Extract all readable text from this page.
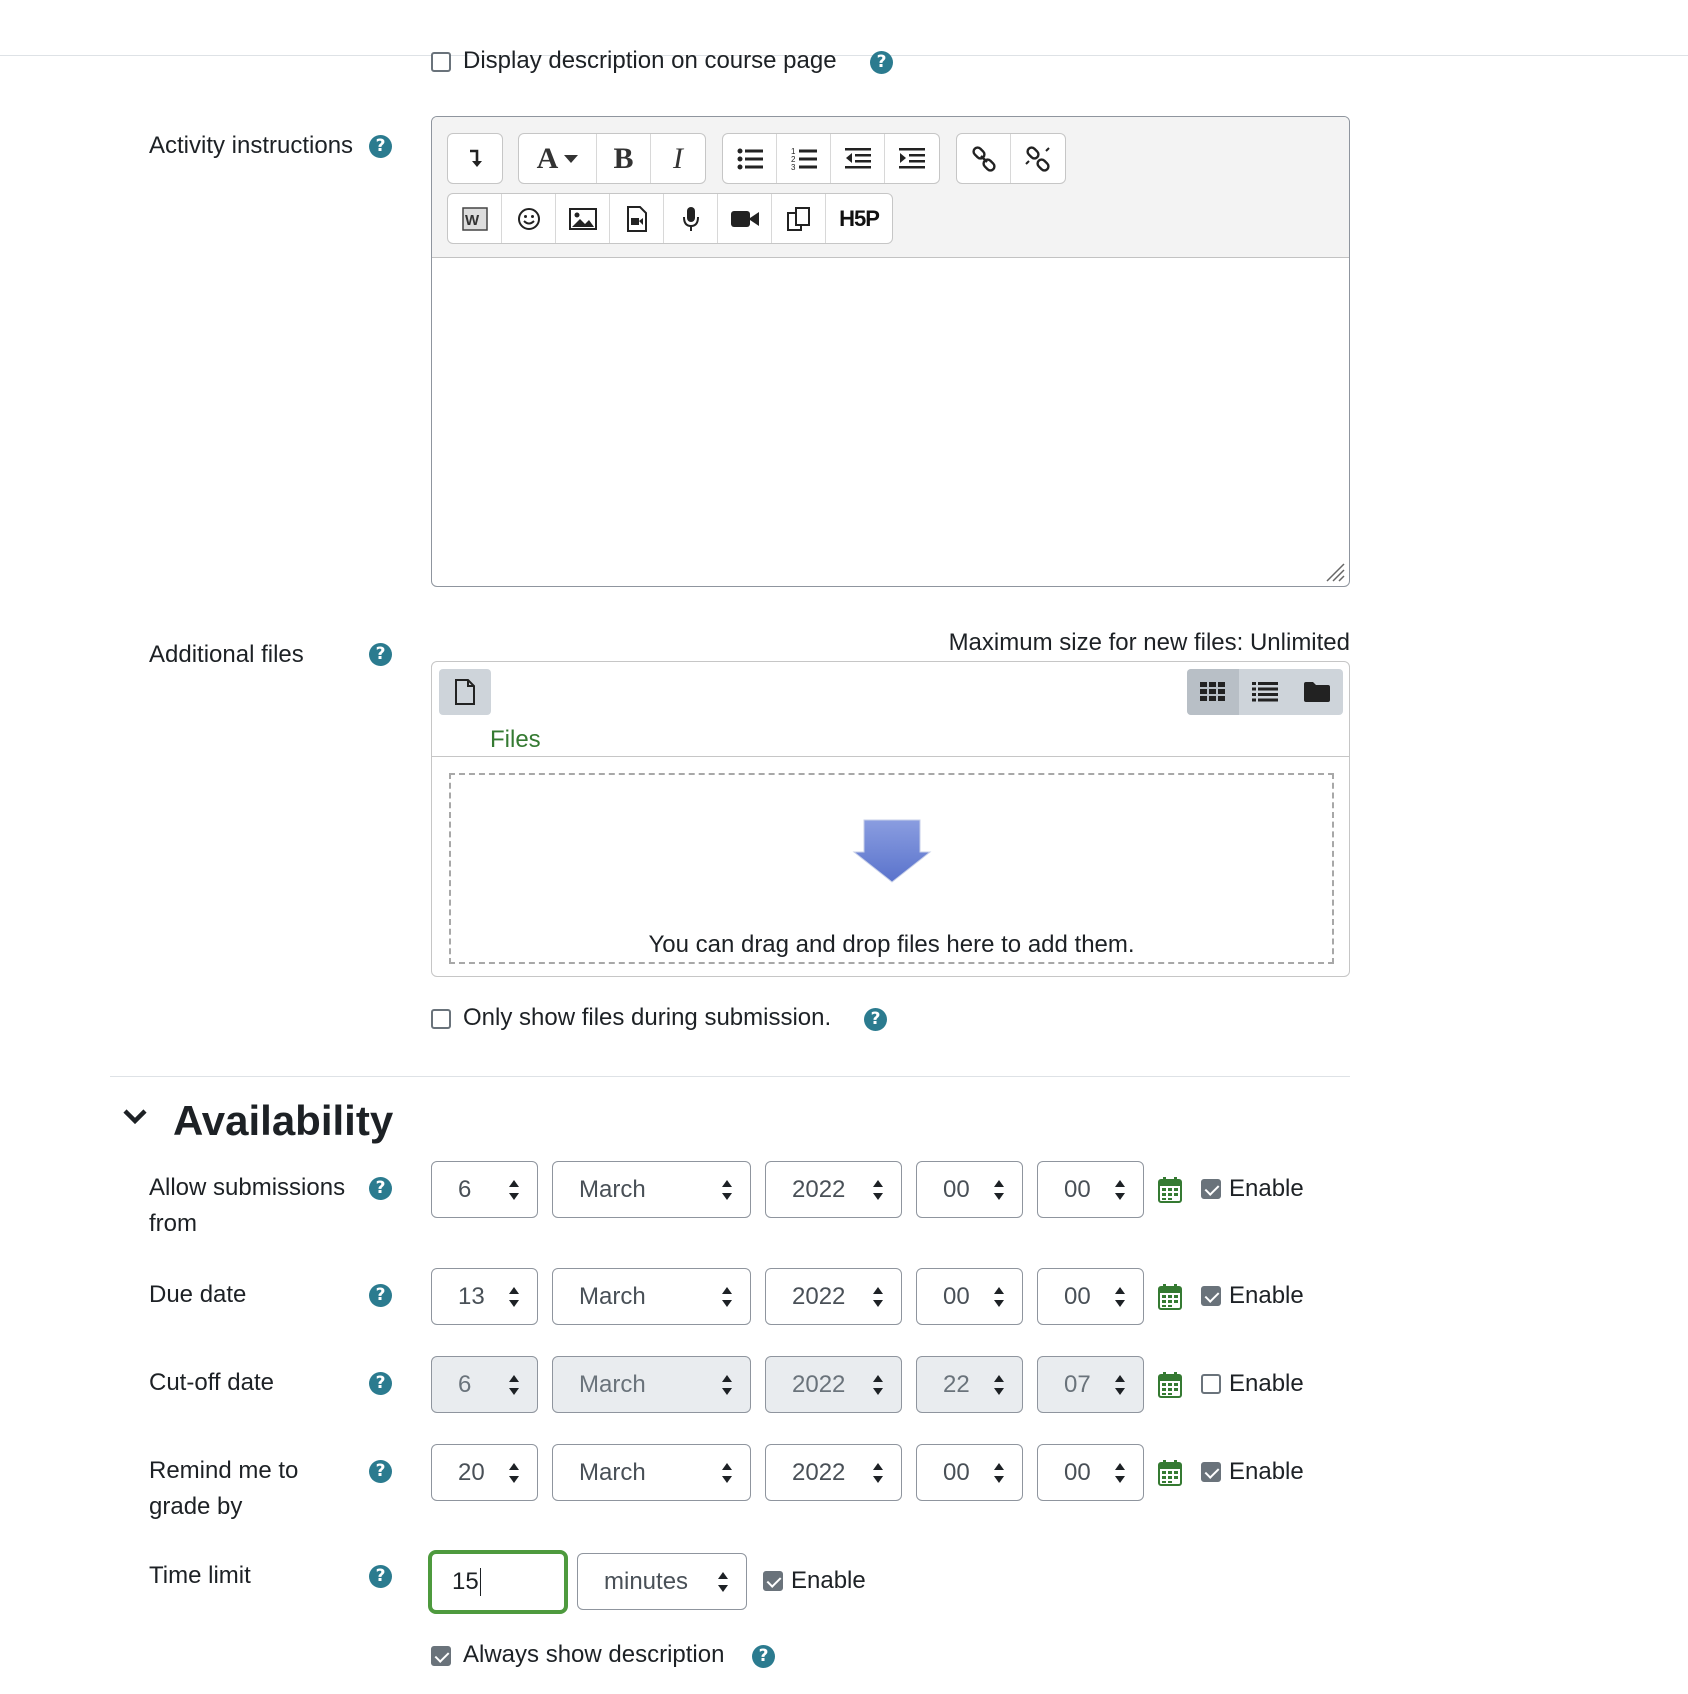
Display description on course page	?
Activity instructions	?	A B I	1
2
3
W	H5P
Additional files	?	Maximum size for new files: Unlimited
Files
You can drag and drop files here to add them.
Only show files during submission.	?
Availability
Allow submissions from
?	6	March	2022	00	00	Enable
Due date	?	13	March	2022	00	00	Enable
Cut-off date	?	6	March	2022	22	07	Enable
Remind me to grade by
?	20	March	2022	00	00	Enable
Time limit	?	15	minutes	Enable
Always show description	?
